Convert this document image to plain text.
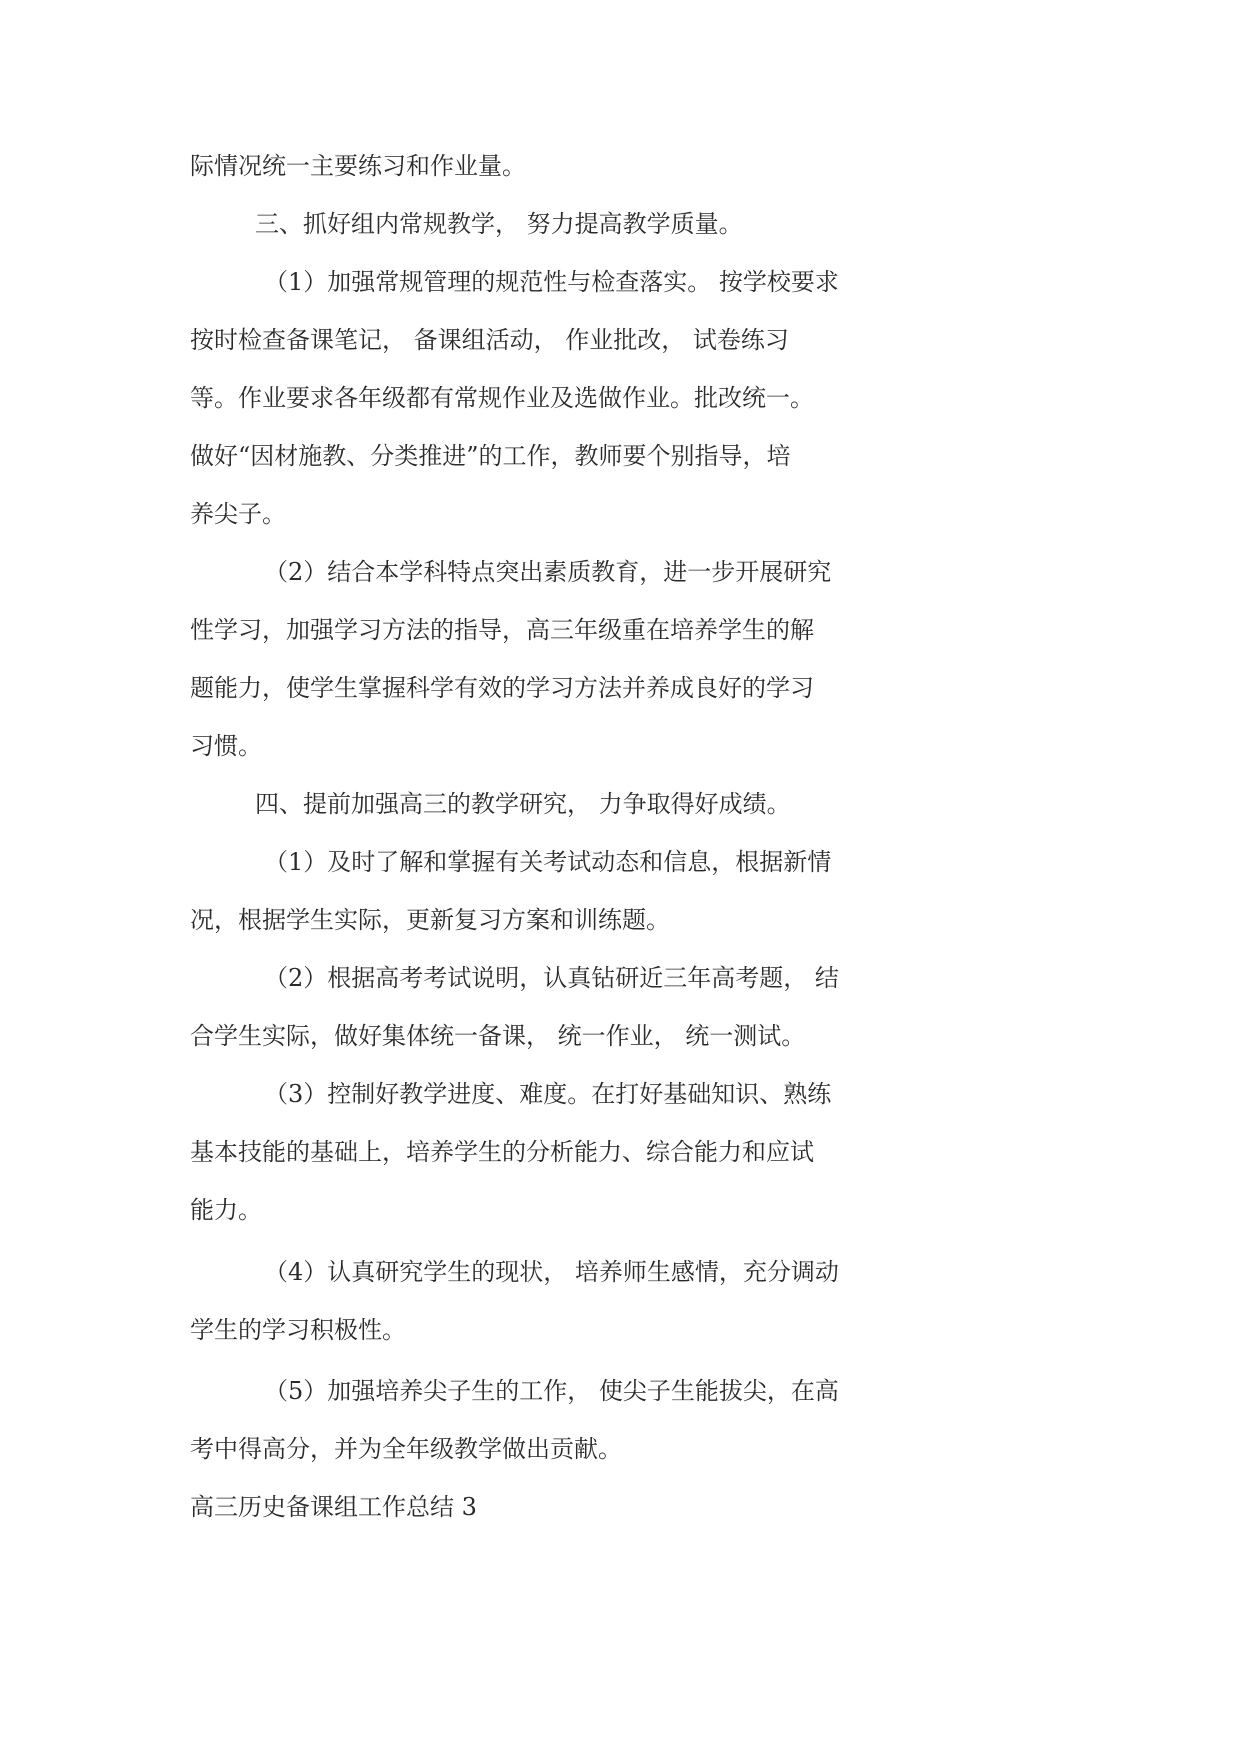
际情况统一主要练习和作业量。

三、抓好组内常规教学， 努力提高教学质量。

（1）加强常规管理的规范性与检查落实。 按学校要求

按时检查备课笔记， 备课组活动， 作业批改， 试卷练习

等。作业要求各年级都有常规作业及选做作业。批改统一。

做好“因材施教、分类推进”的工作，教师要个别指导，培

养尖子。

（2）结合本学科特点突出素质教育，进一步开展研究

性学习，加强学习方法的指导，高三年级重在培养学生的解

题能力，使学生掌握科学有效的学习方法并养成良好的学习

习惯。

四、提前加强高三的教学研究， 力争取得好成绩。

（1）及时了解和掌握有关考试动态和信息，根据新情

况，根据学生实际，更新复习方案和训练题。

（2）根据高考考试说明，认真钻研近三年高考题， 结

合学生实际，做好集体统一备课， 统一作业， 统一测试。

（3）控制好教学进度、难度。在打好基础知识、熟练

基本技能的基础上，培养学生的分析能力、综合能力和应试

能力。

（4）认真研究学生的现状， 培养师生感情，充分调动

学生的学习积极性。

（5）加强培养尖子生的工作， 使尖子生能拔尖，在高

考中得高分，并为全年级教学做出贡献。

高三历史备课组工作总结 3
